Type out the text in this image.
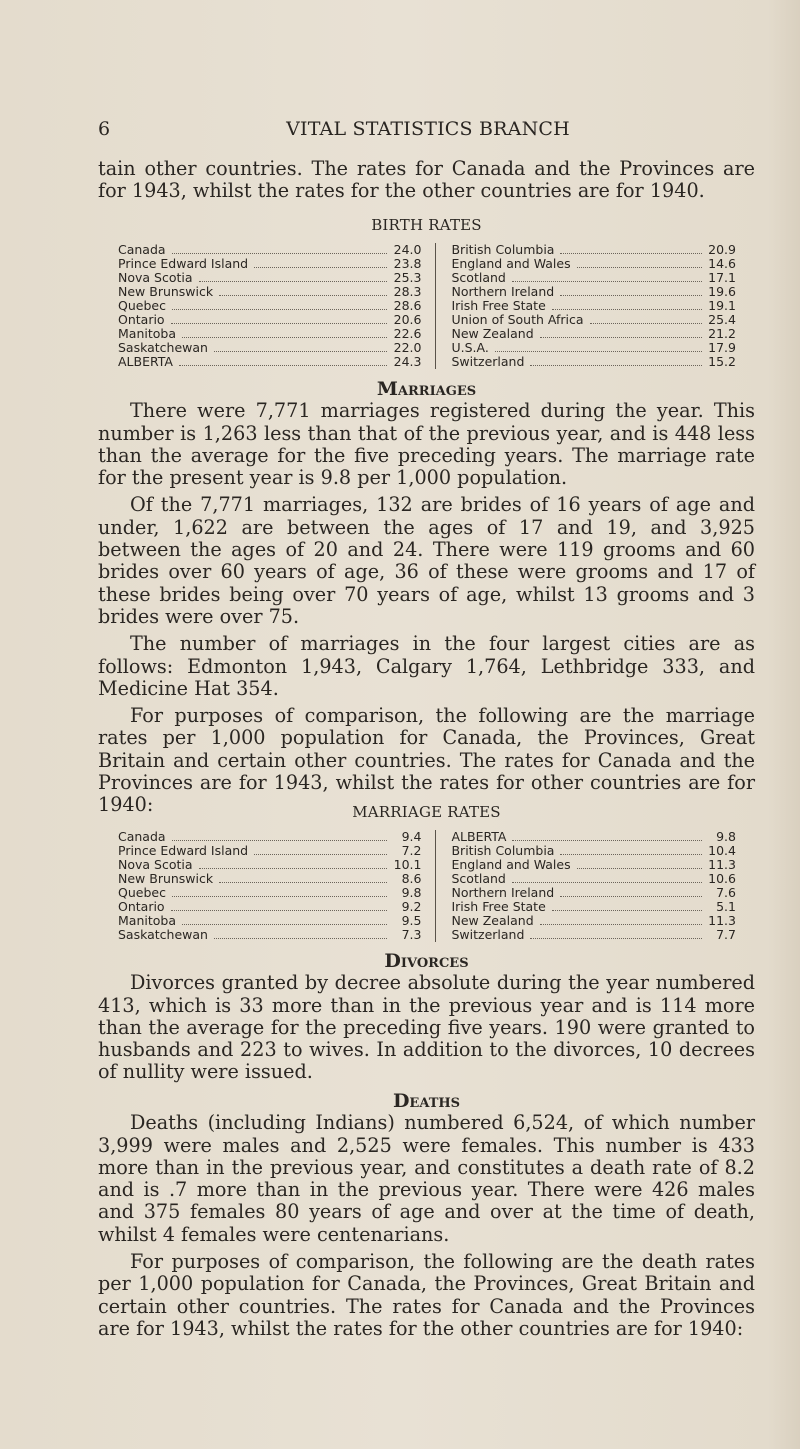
6	VITAL STATISTICS BRANCH

tain other countries. The rates for Canada and the Provinces are for 1943, whilst the rates for the other countries are for 1940.

BIRTH RATES
Canada	24.0
Prince Edward Island	23.8
Nova Scotia	25.3
New Brunswick	28.3
Quebec	28.6
Ontario	20.6
Manitoba	22.6
Saskatchewan	22.0
ALBERTA	24.3
British Columbia	20.9
England and Wales	14.6
Scotland	17.1
Northern Ireland	19.6
Irish Free State	19.1
Union of South Africa	25.4
New Zealand	21.2
U.S.A.	17.9
Switzerland	15.2
Marriages

There were 7,771 marriages registered during the year. This number is 1,263 less than that of the previous year, and is 448 less than the average for the five preceding years. The marriage rate for the present year is 9.8 per 1,000 population.

Of the 7,771 marriages, 132 are brides of 16 years of age and under, 1,622 are between the ages of 17 and 19, and 3,925 between the ages of 20 and 24. There were 119 grooms and 60 brides over 60 years of age, 36 of these were grooms and 17 of these brides being over 70 years of age, whilst 13 grooms and 3 brides were over 75.

The number of marriages in the four largest cities are as follows: Edmonton 1,943, Calgary 1,764, Lethbridge 333, and Medicine Hat 354.

For purposes of comparison, the following are the marriage rates per 1,000 population for Canada, the Provinces, Great Britain and certain other countries. The rates for Canada and the Provinces are for 1943, whilst the rates for other countries are for 1940:	MARRIAGE RATES
Canada	9.4
Prince Edward Island	7.2
Nova Scotia	10.1
New Brunswick	8.6
Quebec	9.8
Ontario	9.2
Manitoba	9.5
Saskatchewan	7.3
ALBERTA	9.8
British Columbia	10.4
England and Wales	11.3
Scotland	10.6
Northern Ireland	7.6
Irish Free State	5.1
New Zealand	11.3
Switzerland	7.7
Divorces

Divorces granted by decree absolute during the year numbered 413, which is 33 more than in the previous year and is 114 more than the average for the preceding five years. 190 were granted to husbands and 223 to wives. In addition to the divorces, 10 decrees of nullity were issued.

Deaths

Deaths (including Indians) numbered 6,524, of which number 3,999 were males and 2,525 were females. This number is 433 more than in the previous year, and constitutes a death rate of 8.2 and is .7 more than in the previous year. There were 426 males and 375 females 80 years of age and over at the time of death, whilst 4 females were centenarians.

For purposes of comparison, the following are the death rates per 1,000 population for Canada, the Provinces, Great Britain and certain other countries. The rates for Canada and the Provinces are for 1943, whilst the rates for the other countries are for 1940:
